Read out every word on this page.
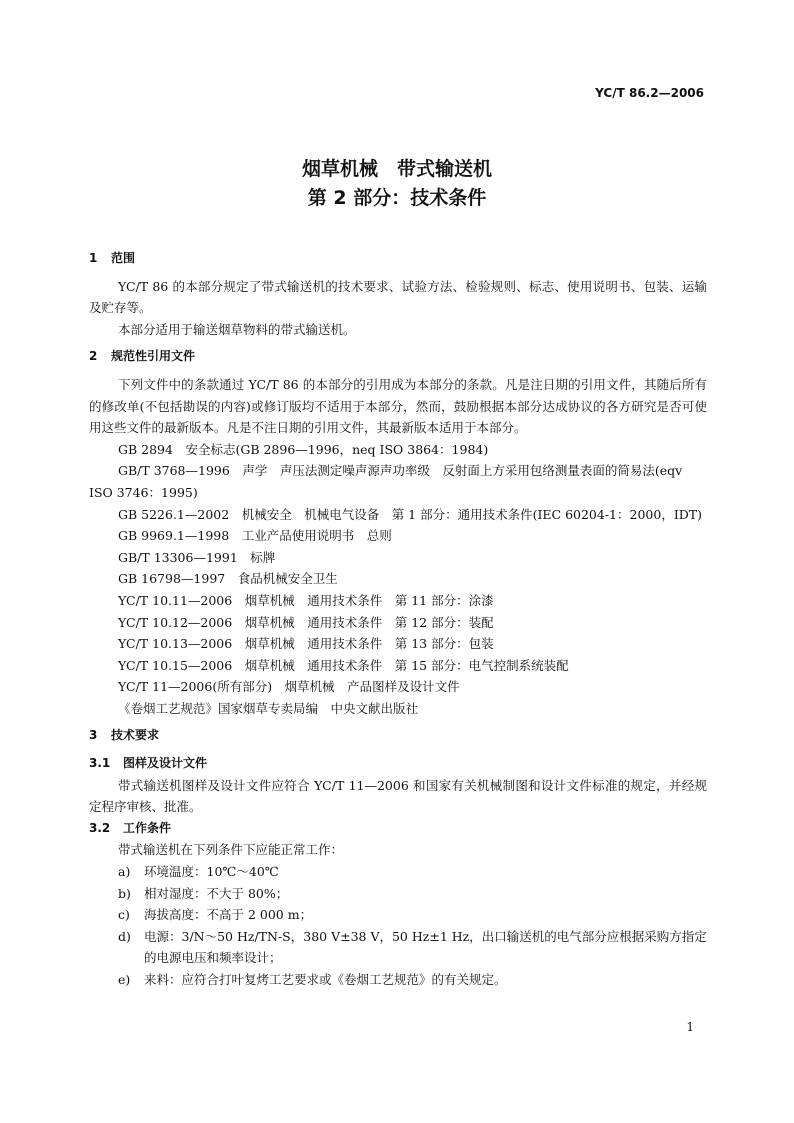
YC/T 86.2—2006
烟草机械　带式输送机
第 2 部分：技术条件

1 范围

YC/T 86 的本部分规定了带式输送机的技术要求、试验方法、检验规则、标志、使用说明书、包装、运输及贮存等。

本部分适用于输送烟草物料的带式输送机。

2 规范性引用文件

下列文件中的条款通过 YC/T 86 的本部分的引用成为本部分的条款。凡是注日期的引用文件，其随后所有的修改单(不包括勘误的内容)或修订版均不适用于本部分，然而，鼓励根据本部分达成协议的各方研究是否可使用这些文件的最新版本。凡是不注日期的引用文件，其最新版本适用于本部分。

GB 2894　安全标志(GB 2896—1996，neq ISO 3864：1984)

GB/T 3768—1996　声学　声压法测定噪声源声功率级　反射面上方采用包络测量表面的简易法(eqv ISO 3746：1995)

GB 5226.1—2002　机械安全　机械电气设备　第 1 部分：通用技术条件(IEC 60204-1：2000，IDT)

GB 9969.1—1998　工业产品使用说明书　总则

GB/T 13306—1991　标牌

GB 16798—1997　食品机械安全卫生

YC/T 10.11—2006　烟草机械　通用技术条件　第 11 部分：涂漆

YC/T 10.12—2006　烟草机械　通用技术条件　第 12 部分：装配

YC/T 10.13—2006　烟草机械　通用技术条件　第 13 部分：包装

YC/T 10.15—2006　烟草机械　通用技术条件　第 15 部分：电气控制系统装配

YC/T 11—2006(所有部分)　烟草机械　产品图样及设计文件

《卷烟工艺规范》国家烟草专卖局编　中央文献出版社

3 技术要求

3.1 图样及设计文件

带式输送机图样及设计文件应符合 YC/T 11—2006 和国家有关机械制图和设计文件标准的规定，并经规定程序审核、批准。

3.2 工作条件

带式输送机在下列条件下应能正常工作：

a) 环境温度：10℃～40℃

b) 相对湿度：不大于 80%；

c) 海拔高度：不高于 2 000 m；

d) 电源：3/N～50 Hz/TN-S，380 V±38 V，50 Hz±1 Hz，出口输送机的电气部分应根据采购方指定的电源电压和频率设计；

e) 来料：应符合打叶复烤工艺要求或《卷烟工艺规范》的有关规定。

1
